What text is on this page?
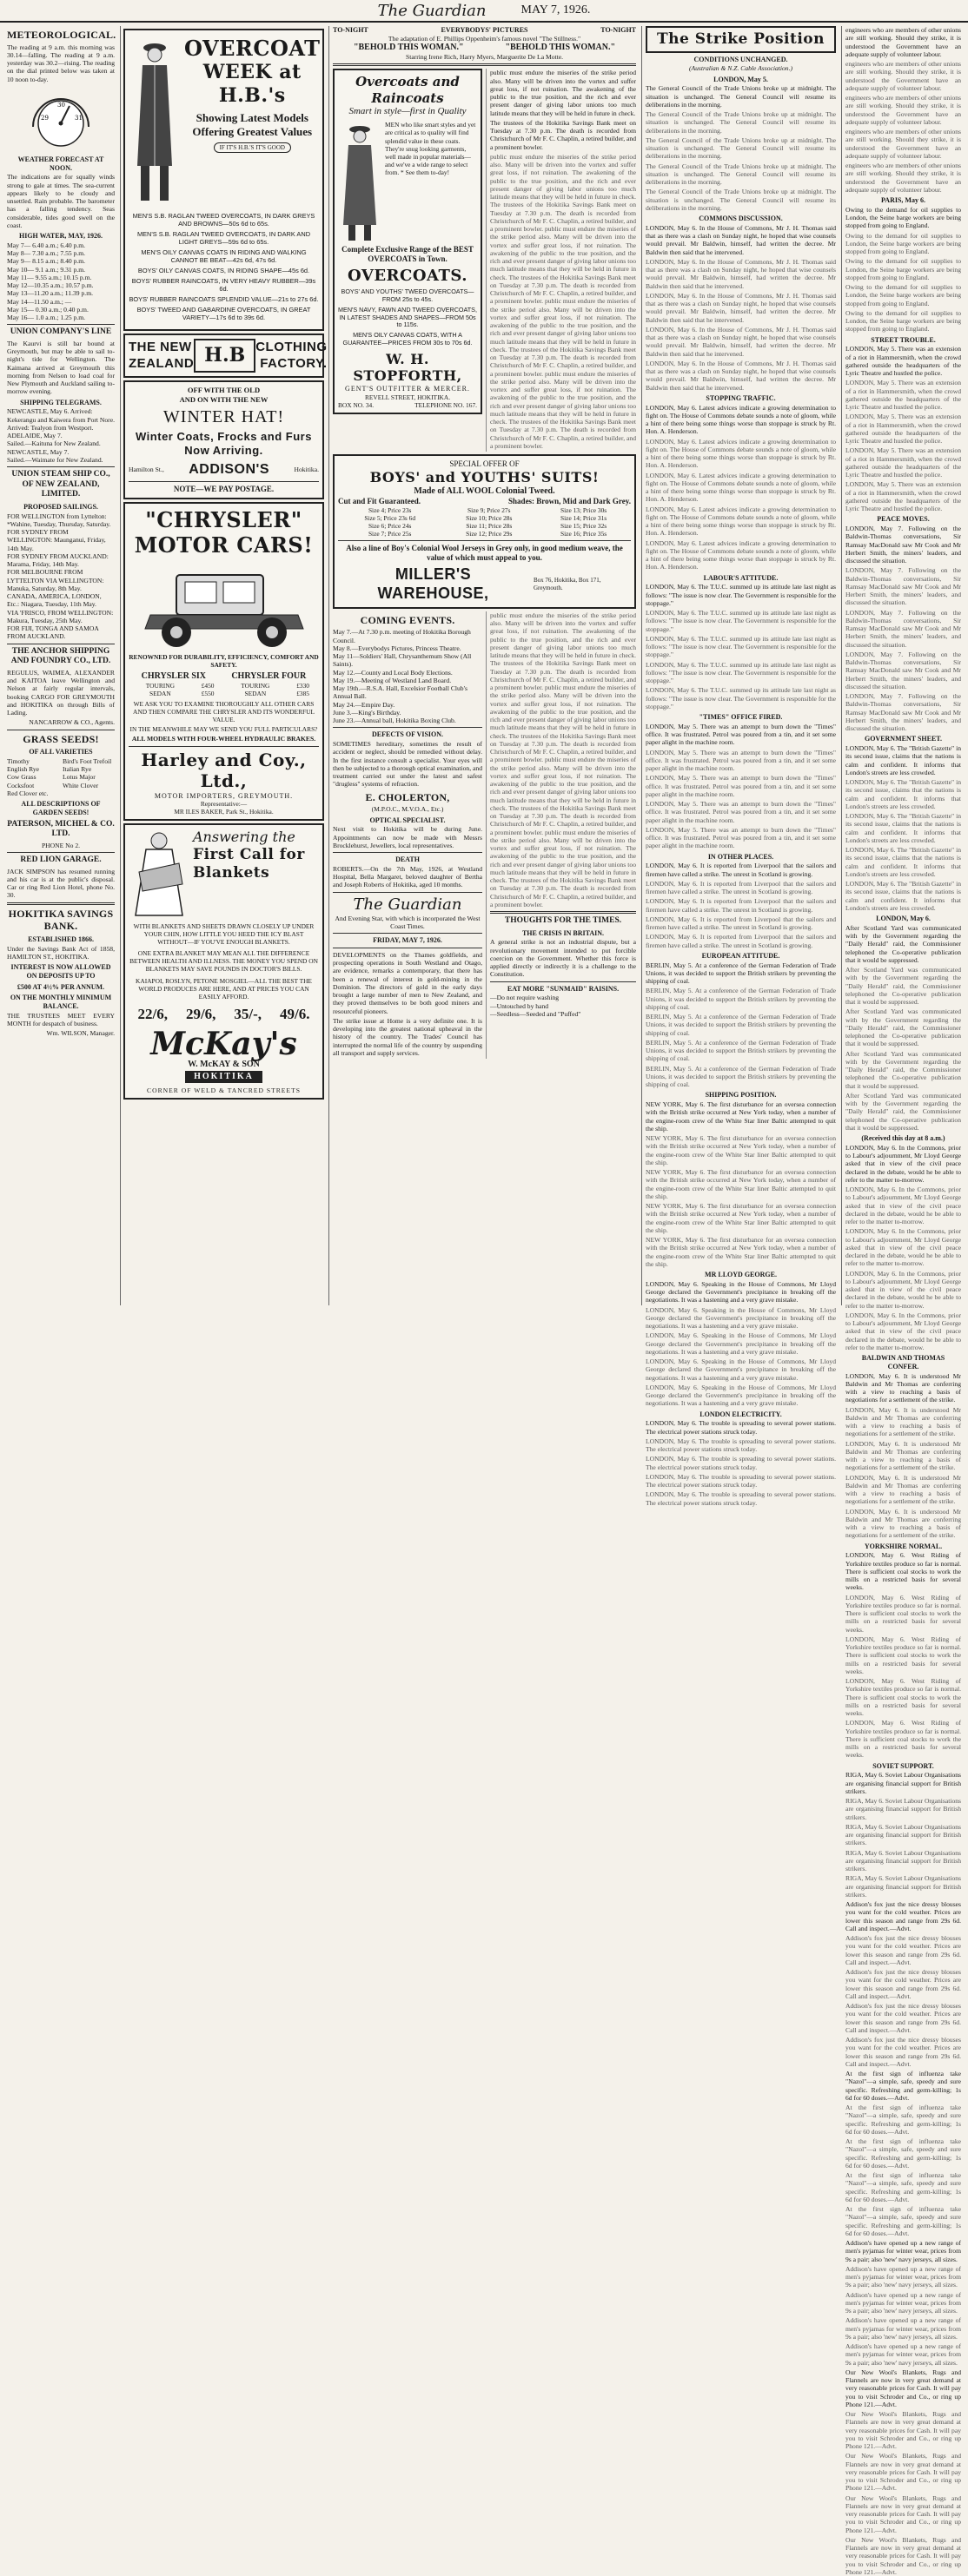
The Guardian	MAY 7, 1926.
METEOROLOGICAL.
The reading at 9 a.m. this morning was 30.14—falling. The reading at 9 a.m. yesterday was 30.2—rising. The reading on the dial printed below was taken at 10 noon to-day.
29
30
31
WEATHER FORECAST AT NOON.
The indications are for squally winds strong to gale at times. The sea-current appears likely to be cloudy and unsettled. Rain probable. The barometer has a falling tendency. Seas considerable, tides good swell on the coast.
HIGH WATER, MAY, 1926.
May 7— 6.40 a.m.; 6.40 p.m.
May 8— 7.30 a.m.; 7.55 p.m.
May 9— 8.15 a.m.; 8.40 p.m.
May 10— 9.1 a.m.; 9.31 p.m.
May 11— 9.55 a.m.; 10.15 p.m.
May 12—10.35 a.m.; 10.57 p.m.
May 13—11.20 a.m.; 11.39 p.m.
May 14—11.50 a.m.; —
May 15— 0.30 a.m.; 0.40 p.m.
May 16— 1.0 a.m.; 1.25 p.m.
UNION COMPANY'S LINE
The Kaurvi is still bar bound at Greymouth, but may be able to sail to-night's tide for Wellington. The Kaimana arrived at Greymouth this morning from Nelson to load coal for New Plymouth and Auckland sailing to-morrow evening.
SHIPPING TELEGRAMS.
NEWCASTLE, May 6. Arrived: Kekerangu and Kaiwera from Port Nore.
Arrived: Tealyon from Westport.
ADELAIDE, May 7.
Sailed.—Kaituna for New Zealand.
NEWCASTLE, May 7.
Sailed.—Waimate for New Zealand.
UNION STEAM SHIP CO., OF NEW ZEALAND, LIMITED.
PROPOSED SAILINGS.
FOR WELLINGTON from Lyttelton: *Wahine, Tuesday, Thursday, Saturday.
FOR SYDNEY FROM WELLINGTON: Maunganui, Friday, 14th May.
FOR SYDNEY FROM AUCKLAND: Marama, Friday, 14th May.
FOR MELBOURNE FROM LYTTELTON VIA WELLINGTON: Manuka, Saturday, 8th May.
CANADA, AMERICA, LONDON, Etc.: Niagara, Tuesday, 11th May.
VIA 'FRISCO, FROM WELLINGTON: Makura, Tuesday, 25th May.
FOR FIJI, TONGA AND SAMOA FROM AUCKLAND.
THE ANCHOR SHIPPING AND FOUNDRY CO., LTD.
REGULUS, WAIMEA, ALEXANDER and KAITOA leave Wellington and Nelson at fairly regular intervals, booking CARGO FOR GREYMOUTH and HOKITIKA on through Bills of Lading.
NANCARROW & CO., Agents.
GRASS SEEDS!
OF ALL VARIETIES
Timothy	Bird's Foot Trefoil
English Rye	Italian Rye
Cow Grass	Lotus Major
Cocksfoot	White Clover
Red Clover etc.
ALL DESCRIPTIONS OF GARDEN SEEDS!
PATERSON, MICHEL & CO. LTD.
PHONE No 2.
RED LION GARAGE.
JACK SIMPSON has resumed running and his car is at the public's disposal. Car or ring Red Lion Hotel, phone No. 30.
HOKITIKA SAVINGS BANK.
ESTABLISHED 1866.
Under the Savings Bank Act of 1858, HAMILTON ST., HOKITIKA.
INTEREST IS NOW ALLOWED ON DEPOSITS UP TO
£500 AT 4½% PER ANNUM.
ON THE MONTHLY MINIMUM BALANCE.
THE TRUSTEES MEET EVERY MONTH for despatch of business.
Wm. WILSON, Manager.
OVERCOAT
WEEK at H.B.'s
Showing Latest Models
Offering Greatest Values
IF IT'S H.B.'S IT'S GOOD
MEN'S S.B. RAGLAN TWEED OVERCOATS, IN DARK GREYS AND BROWNS—50s 6d to 65s.
MEN'S S.B. RAGLAN TWEED OVERCOATS, IN DARK AND LIGHT GREYS—59s 6d to 65s.
MEN'S OILY CANVAS COATS IN RIDING AND WALKING CANNOT BE BEAT—42s 6d, 47s 6d.
BOYS' OILY CANVAS COATS, IN RIDING SHAPE—45s 6d.
BOYS' RUBBER RAINCOATS, IN VERY HEAVY RUBBER—39s 6d.
BOYS' RUBBER RAINCOATS SPLENDID VALUE—21s to 27s 6d.
BOYS' TWEED AND GABARDINE OVERCOATS, IN GREAT VARIETY—17s 6d to 39s 6d.
THE NEW
ZEALAND H.B CLOTHING
FACTORY.
OFF WITH THE OLD
AND ON WITH THE NEW
WINTER HAT!
Winter Coats, Frocks and Furs Now Arriving.
Hamilton St., ADDISON'S	Hokitika.
NOTE—WE PAY POSTAGE.
"CHRYSLER"
MOTOR CARS!
RENOWNED FOR DURABILITY, EFFICIENCY, COMFORT AND SAFETY.
CHRYSLER SIX	CHRYSLER FOUR
TOURING	£450	TOURING	£330
SEDAN	£550	SEDAN	£385
WE ASK YOU TO EXAMINE THOROUGHLY ALL OTHER CARS AND THEN COMPARE THE CHRYSLER AND ITS WONDERFUL VALUE.
IN THE MEANWHILE MAY WE SEND YOU FULL PARTICULARS?
ALL MODELS WITH FOUR-WHEEL HYDRAULIC BRAKES.
Harley and Coy., Ltd.,
MOTOR IMPORTERS, GREYMOUTH.
Representative:—
MR ILES BAKER, Park St., Hokitika.
Answering the
First Call for Blankets
WITH BLANKETS AND SHEETS DRAWN CLOSELY UP UNDER YOUR CHIN, HOW LITTLE YOU HEED THE ICY BLAST WITHOUT—IF YOU'VE ENOUGH BLANKETS.
ONE EXTRA BLANKET MAY MEAN ALL THE DIFFERENCE BETWEEN HEALTH AND ILLNESS. THE MONEY YOU SPEND ON BLANKETS MAY SAVE POUNDS IN DOCTOR'S BILLS.
KAIAPOI, ROSLYN, PETONE MOSGIEL—ALL THE BEST THE WORLD PRODUCES ARE HERE, AND AT PRICES YOU CAN EASILY AFFORD.
22/6, 29/6, 35/-, 49/6.
McKay's
W. McKAY & SON
HOKITIKA
CORNER OF WELD & TANCRED STREETS
TO-NIGHT	EVERYBODYS' PICTURES	TO-NIGHT
The adaptation of E. Phillips Oppenheim's famous novel "The Stillness."
"BEHOLD THIS WOMAN."	"BEHOLD THIS WOMAN."
Starring Irene Rich, Harry Myers, Marguerite De La Motte.
Overcoats and Raincoats
Smart in style—first in Quality
MEN who like smart styles and yet are critical as to quality will find splendid value in these coats. They're snug looking garments, well made in popular materials—and we've a wide range to select from. * See them to-day!
Complete Exclusive Range of the BEST OVERCOATS in Town.
OVERCOATS.
BOYS' AND YOUTHS' TWEED OVERCOATS—FROM 25s to 45s.
MEN'S NAVY, FAWN AND TWEED OVERCOATS, IN LATEST SHADES AND SHAPES—FROM 50s to 115s.
MEN'S OILY CANVAS COATS, WITH A GUARANTEE—PRICES FROM 30s to 70s 6d.
W. H. STOPFORTH,
GENT'S OUTFITTER & MERCER.
REVELL STREET, HOKITIKA.
BOX NO. 34.	TELEPHONE NO. 167.
public must endure the miseries of the strike period also. Many will be driven into the vortex and suffer great loss, if not ruination. The awakening of the public to the true position, and the rich and ever present danger of giving labor unions too much latitude means that they will be held in future in check.
The trustees of the Hokitika Savings Bank meet on Tuesday at 7.30 p.m. The death is recorded from Christchurch of Mr F. C. Chaplin, a retired builder, and a prominent bowler.
public must endure the miseries of the strike period also. Many will be driven into the vortex and suffer great loss, if not ruination. The awakening of the public to the true position, and the rich and ever present danger of giving labor unions too much latitude means that they will be held in future in check. The trustees of the Hokitika Savings Bank meet on Tuesday at 7.30 p.m. The death is recorded from Christchurch of Mr F. C. Chaplin, a retired builder, and a prominent bowler. public must endure the miseries of the strike period also. Many will be driven into the vortex and suffer great loss, if not ruination. The awakening of the public to the true position, and the rich and ever present danger of giving labor unions too much latitude means that they will be held in future in check. The trustees of the Hokitika Savings Bank meet on Tuesday at 7.30 p.m. The death is recorded from Christchurch of Mr F. C. Chaplin, a retired builder, and a prominent bowler. public must endure the miseries of the strike period also. Many will be driven into the vortex and suffer great loss, if not ruination. The awakening of the public to the true position, and the rich and ever present danger of giving labor unions too much latitude means that they will be held in future in check. The trustees of the Hokitika Savings Bank meet on Tuesday at 7.30 p.m. The death is recorded from Christchurch of Mr F. C. Chaplin, a retired builder, and a prominent bowler. public must endure the miseries of the strike period also. Many will be driven into the vortex and suffer great loss, if not ruination. The awakening of the public to the true position, and the rich and ever present danger of giving labor unions too much latitude means that they will be held in future in check. The trustees of the Hokitika Savings Bank meet on Tuesday at 7.30 p.m. The death is recorded from Christchurch of Mr F. C. Chaplin, a retired builder, and a prominent bowler.
SPECIAL OFFER OF
BOYS' and YOUTHS' SUITS!
Made of ALL WOOL Colonial Tweed.
Cut and Fit Guaranteed.	Shades: Brown, Mid and Dark Grey.
Size 4; Price 23s	Size 9; Price 27s	Size 13; Price 30s
Size 5; Price 23s 6d	Size 10; Price 28s	Size 14; Price 31s
Size 6; Price 24s	Size 11; Price 28s	Size 15; Price 32s
Size 7; Price 25s	Size 12; Price 29s	Size 16; Price 35s
Also a line of Boy's Colonial Wool Jerseys in Grey only, in good medium weave, the value of which must appeal to you.
MILLER'S WAREHOUSE,
Box 76, Hokitika, Box 171, Greymouth.
COMING EVENTS.
May 7.—At 7.30 p.m. meeting of Hokitika Borough Council.
May 8.—Everybodys Pictures, Princess Theatre.
May 11—Soldiers' Hall, Chrysanthemum Show (All Saints).
May 12.—County and Local Body Elections.
May 19.—Meeting of Westland Land Board.
May 19th.—R.S.A. Hall, Excelsior Football Club's Annual Ball.
May 24.—Empire Day.
June 3.—King's Birthday.
June 23.—Annual ball, Hokitika Boxing Club.
DEFECTS OF VISION.
SOMETIMES hereditary, sometimes the result of accident or neglect, should be remedied without delay. In the first instance consult a specialist. Your eyes will then be subjected to a thorough optical examination, and treatment carried out under the latest and safest "drugless" systems of refraction.
E. CHOLERTON,
(M.P.O.C., M.V.O.A., Etc.)
OPTICAL SPECIALIST.
Next visit to Hokitika will be during June. Appointments can now be made with Messrs Brocklehurst, Jewellers, local representatives.
DEATH
ROBERTS.—On the 7th May, 1926, at Westland Hospital, Bella Margaret, beloved daughter of Bertha and Joseph Roberts of Hokitika, aged 10 months.
The Guardian
And Evening Star, with which is incorporated the West Coast Times.
FRIDAY, MAY 7, 1926.
DEVELOPMENTS on the Thames goldfields, and prospecting operations in South Westland and Otago, are evidence, remarks a contemporary, that there has been a renewal of interest in gold-mining in the Dominion. The directors of gold in the early days brought a large number of men to New Zealand, and they proved themselves to be both good miners and resourceful pioneers.
The strike issue at Home is a very definite one. It is developing into the greatest national upheaval in the history of the country. The Trades' Council has interrupted the normal life of the country by suspending all transport and supply services.
public must endure the miseries of the strike period also. Many will be driven into the vortex and suffer great loss, if not ruination. The awakening of the public to the true position, and the rich and ever present danger of giving labor unions too much latitude means that they will be held in future in check. The trustees of the Hokitika Savings Bank meet on Tuesday at 7.30 p.m. The death is recorded from Christchurch of Mr F. C. Chaplin, a retired builder, and a prominent bowler. public must endure the miseries of the strike period also. Many will be driven into the vortex and suffer great loss, if not ruination. The awakening of the public to the true position, and the rich and ever present danger of giving labor unions too much latitude means that they will be held in future in check. The trustees of the Hokitika Savings Bank meet on Tuesday at 7.30 p.m. The death is recorded from Christchurch of Mr F. C. Chaplin, a retired builder, and a prominent bowler. public must endure the miseries of the strike period also. Many will be driven into the vortex and suffer great loss, if not ruination. The awakening of the public to the true position, and the rich and ever present danger of giving labor unions too much latitude means that they will be held in future in check. The trustees of the Hokitika Savings Bank meet on Tuesday at 7.30 p.m. The death is recorded from Christchurch of Mr F. C. Chaplin, a retired builder, and a prominent bowler. public must endure the miseries of the strike period also. Many will be driven into the vortex and suffer great loss, if not ruination. The awakening of the public to the true position, and the rich and ever present danger of giving labor unions too much latitude means that they will be held in future in check. The trustees of the Hokitika Savings Bank meet on Tuesday at 7.30 p.m. The death is recorded from Christchurch of Mr F. C. Chaplin, a retired builder, and a prominent bowler.
THOUGHTS FOR THE TIMES.
THE CRISIS IN BRITAIN.
A general strike is not an industrial dispute, but a revolutionary movement intended to put forcible coercion on the Government. Whether this force is applied directly or indirectly it is a challenge to the Constitution.
EAT MORE "SUNMAID" RAISINS.
—Do not require washing
—Untouched by hand
—Seedless—Seeded and "Puffed"
The Strike Position
CONDITIONS UNCHANGED.
(Australian & N.Z. Cable Association.)
LONDON, May 5.
The General Council of the Trade Unions broke up at midnight. The situation is unchanged. The General Council will resume its deliberations in the morning.
The General Council of the Trade Unions broke up at midnight. The situation is unchanged. The General Council will resume its deliberations in the morning.
The General Council of the Trade Unions broke up at midnight. The situation is unchanged. The General Council will resume its deliberations in the morning.
The General Council of the Trade Unions broke up at midnight. The situation is unchanged. The General Council will resume its deliberations in the morning.
The General Council of the Trade Unions broke up at midnight. The situation is unchanged. The General Council will resume its deliberations in the morning.
COMMONS DISCUSSION.
LONDON, May 6. In the House of Commons, Mr J. H. Thomas said that as there was a clash on Sunday night, he hoped that wise counsels would prevail. Mr Baldwin, himself, had written the decree. Mr Baldwin then said that he intervened.
LONDON, May 6. In the House of Commons, Mr J. H. Thomas said that as there was a clash on Sunday night, he hoped that wise counsels would prevail. Mr Baldwin, himself, had written the decree. Mr Baldwin then said that he intervened.
LONDON, May 6. In the House of Commons, Mr J. H. Thomas said that as there was a clash on Sunday night, he hoped that wise counsels would prevail. Mr Baldwin, himself, had written the decree. Mr Baldwin then said that he intervened.
LONDON, May 6. In the House of Commons, Mr J. H. Thomas said that as there was a clash on Sunday night, he hoped that wise counsels would prevail. Mr Baldwin, himself, had written the decree. Mr Baldwin then said that he intervened.
LONDON, May 6. In the House of Commons, Mr J. H. Thomas said that as there was a clash on Sunday night, he hoped that wise counsels would prevail. Mr Baldwin, himself, had written the decree. Mr Baldwin then said that he intervened.
STOPPING TRAFFIC.
LONDON, May 6. Latest advices indicate a growing determination to fight on. The House of Commons debate sounds a note of gloom, while a hint of there being some things worse than stoppage is struck by Rt. Hon. A. Henderson.
LONDON, May 6. Latest advices indicate a growing determination to fight on. The House of Commons debate sounds a note of gloom, while a hint of there being some things worse than stoppage is struck by Rt. Hon. A. Henderson.
LONDON, May 6. Latest advices indicate a growing determination to fight on. The House of Commons debate sounds a note of gloom, while a hint of there being some things worse than stoppage is struck by Rt. Hon. A. Henderson.
LONDON, May 6. Latest advices indicate a growing determination to fight on. The House of Commons debate sounds a note of gloom, while a hint of there being some things worse than stoppage is struck by Rt. Hon. A. Henderson.
LONDON, May 6. Latest advices indicate a growing determination to fight on. The House of Commons debate sounds a note of gloom, while a hint of there being some things worse than stoppage is struck by Rt. Hon. A. Henderson.
LABOUR'S ATTITUDE.
LONDON, May 6. The T.U.C. summed up its attitude late last night as follows: "The issue is now clear. The Government is responsible for the stoppage."
LONDON, May 6. The T.U.C. summed up its attitude late last night as follows: "The issue is now clear. The Government is responsible for the stoppage."
LONDON, May 6. The T.U.C. summed up its attitude late last night as follows: "The issue is now clear. The Government is responsible for the stoppage."
LONDON, May 6. The T.U.C. summed up its attitude late last night as follows: "The issue is now clear. The Government is responsible for the stoppage."
LONDON, May 6. The T.U.C. summed up its attitude late last night as follows: "The issue is now clear. The Government is responsible for the stoppage."
"TIMES" OFFICE FIRED.
LONDON, May 5. There was an attempt to burn down the "Times" office. It was frustrated. Petrol was poured from a tin, and it set some paper alight in the machine room.
LONDON, May 5. There was an attempt to burn down the "Times" office. It was frustrated. Petrol was poured from a tin, and it set some paper alight in the machine room.
LONDON, May 5. There was an attempt to burn down the "Times" office. It was frustrated. Petrol was poured from a tin, and it set some paper alight in the machine room.
LONDON, May 5. There was an attempt to burn down the "Times" office. It was frustrated. Petrol was poured from a tin, and it set some paper alight in the machine room.
LONDON, May 5. There was an attempt to burn down the "Times" office. It was frustrated. Petrol was poured from a tin, and it set some paper alight in the machine room.
IN OTHER PLACES.
LONDON, May 6. It is reported from Liverpool that the sailors and firemen have called a strike. The unrest in Scotland is growing.
LONDON, May 6. It is reported from Liverpool that the sailors and firemen have called a strike. The unrest in Scotland is growing.
LONDON, May 6. It is reported from Liverpool that the sailors and firemen have called a strike. The unrest in Scotland is growing.
LONDON, May 6. It is reported from Liverpool that the sailors and firemen have called a strike. The unrest in Scotland is growing.
LONDON, May 6. It is reported from Liverpool that the sailors and firemen have called a strike. The unrest in Scotland is growing.
EUROPEAN ATTITUDE.
BERLIN, May 5. At a conference of the German Federation of Trade Unions, it was decided to support the British strikers by preventing the shipping of coal.
BERLIN, May 5. At a conference of the German Federation of Trade Unions, it was decided to support the British strikers by preventing the shipping of coal.
BERLIN, May 5. At a conference of the German Federation of Trade Unions, it was decided to support the British strikers by preventing the shipping of coal.
BERLIN, May 5. At a conference of the German Federation of Trade Unions, it was decided to support the British strikers by preventing the shipping of coal.
BERLIN, May 5. At a conference of the German Federation of Trade Unions, it was decided to support the British strikers by preventing the shipping of coal.
SHIPPING POSITION.
NEW YORK, May 6. The first disturbance for an oversea connection with the British strike occurred at New York today, when a number of the engine-room crew of the White Star liner Baltic attempted to quit the ship.
NEW YORK, May 6. The first disturbance for an oversea connection with the British strike occurred at New York today, when a number of the engine-room crew of the White Star liner Baltic attempted to quit the ship.
NEW YORK, May 6. The first disturbance for an oversea connection with the British strike occurred at New York today, when a number of the engine-room crew of the White Star liner Baltic attempted to quit the ship.
NEW YORK, May 6. The first disturbance for an oversea connection with the British strike occurred at New York today, when a number of the engine-room crew of the White Star liner Baltic attempted to quit the ship.
NEW YORK, May 6. The first disturbance for an oversea connection with the British strike occurred at New York today, when a number of the engine-room crew of the White Star liner Baltic attempted to quit the ship.
MR LLOYD GEORGE.
LONDON, May 6. Speaking in the House of Commons, Mr Lloyd George declared the Government's precipitance in breaking off the negotiations. It was a hastening and a very grave mistake.
LONDON, May 6. Speaking in the House of Commons, Mr Lloyd George declared the Government's precipitance in breaking off the negotiations. It was a hastening and a very grave mistake.
LONDON, May 6. Speaking in the House of Commons, Mr Lloyd George declared the Government's precipitance in breaking off the negotiations. It was a hastening and a very grave mistake.
LONDON, May 6. Speaking in the House of Commons, Mr Lloyd George declared the Government's precipitance in breaking off the negotiations. It was a hastening and a very grave mistake.
LONDON, May 6. Speaking in the House of Commons, Mr Lloyd George declared the Government's precipitance in breaking off the negotiations. It was a hastening and a very grave mistake.
LONDON ELECTRICITY.
LONDON, May 6. The trouble is spreading to several power stations. The electrical power stations struck today.
LONDON, May 6. The trouble is spreading to several power stations. The electrical power stations struck today.
LONDON, May 6. The trouble is spreading to several power stations. The electrical power stations struck today.
LONDON, May 6. The trouble is spreading to several power stations. The electrical power stations struck today.
LONDON, May 6. The trouble is spreading to several power stations. The electrical power stations struck today.
engineers who are members of other unions are still working. Should they strike, it is understood the Government have an adequate supply of volunteer labour.
engineers who are members of other unions are still working. Should they strike, it is understood the Government have an adequate supply of volunteer labour.
engineers who are members of other unions are still working. Should they strike, it is understood the Government have an adequate supply of volunteer labour.
engineers who are members of other unions are still working. Should they strike, it is understood the Government have an adequate supply of volunteer labour.
engineers who are members of other unions are still working. Should they strike, it is understood the Government have an adequate supply of volunteer labour.
PARIS, May 6.
Owing to the demand for oil supplies to London, the Seine barge workers are being stopped from going to England.
Owing to the demand for oil supplies to London, the Seine barge workers are being stopped from going to England.
Owing to the demand for oil supplies to London, the Seine barge workers are being stopped from going to England.
Owing to the demand for oil supplies to London, the Seine barge workers are being stopped from going to England.
Owing to the demand for oil supplies to London, the Seine barge workers are being stopped from going to England.
STREET TROUBLE.
LONDON, May 5. There was an extension of a riot in Hammersmith, when the crowd gathered outside the headquarters of the Lyric Theatre and hustled the police.
LONDON, May 5. There was an extension of a riot in Hammersmith, when the crowd gathered outside the headquarters of the Lyric Theatre and hustled the police.
LONDON, May 5. There was an extension of a riot in Hammersmith, when the crowd gathered outside the headquarters of the Lyric Theatre and hustled the police.
LONDON, May 5. There was an extension of a riot in Hammersmith, when the crowd gathered outside the headquarters of the Lyric Theatre and hustled the police.
LONDON, May 5. There was an extension of a riot in Hammersmith, when the crowd gathered outside the headquarters of the Lyric Theatre and hustled the police.
PEACE MOVES.
LONDON, May 7. Following on the Baldwin-Thomas conversations, Sir Ramsay MacDonald saw Mr Cook and Mr Herbert Smith, the miners' leaders, and discussed the situation.
LONDON, May 7. Following on the Baldwin-Thomas conversations, Sir Ramsay MacDonald saw Mr Cook and Mr Herbert Smith, the miners' leaders, and discussed the situation.
LONDON, May 7. Following on the Baldwin-Thomas conversations, Sir Ramsay MacDonald saw Mr Cook and Mr Herbert Smith, the miners' leaders, and discussed the situation.
LONDON, May 7. Following on the Baldwin-Thomas conversations, Sir Ramsay MacDonald saw Mr Cook and Mr Herbert Smith, the miners' leaders, and discussed the situation.
LONDON, May 7. Following on the Baldwin-Thomas conversations, Sir Ramsay MacDonald saw Mr Cook and Mr Herbert Smith, the miners' leaders, and discussed the situation.
GOVERNMENT SHEET.
LONDON, May 6. The "British Gazette" in its second issue, claims that the nations is calm and confident. It informs that London's streets are less crowded.
LONDON, May 6. The "British Gazette" in its second issue, claims that the nations is calm and confident. It informs that London's streets are less crowded.
LONDON, May 6. The "British Gazette" in its second issue, claims that the nations is calm and confident. It informs that London's streets are less crowded.
LONDON, May 6. The "British Gazette" in its second issue, claims that the nations is calm and confident. It informs that London's streets are less crowded.
LONDON, May 6. The "British Gazette" in its second issue, claims that the nations is calm and confident. It informs that London's streets are less crowded.
LONDON, May 6.
After Scotland Yard was communicated with by the Government regarding the "Daily Herald" raid, the Commissioner telephoned the Co-operative publication that it would be suppressed.
After Scotland Yard was communicated with by the Government regarding the "Daily Herald" raid, the Commissioner telephoned the Co-operative publication that it would be suppressed.
After Scotland Yard was communicated with by the Government regarding the "Daily Herald" raid, the Commissioner telephoned the Co-operative publication that it would be suppressed.
After Scotland Yard was communicated with by the Government regarding the "Daily Herald" raid, the Commissioner telephoned the Co-operative publication that it would be suppressed.
After Scotland Yard was communicated with by the Government regarding the "Daily Herald" raid, the Commissioner telephoned the Co-operative publication that it would be suppressed.
(Received this day at 8 a.m.)
LONDON, May 6. In the Commons, prior to Labour's adjournment, Mr Lloyd George asked that in view of the civil peace declared in the debate, would he be able to refer to the matter to-morrow.
LONDON, May 6. In the Commons, prior to Labour's adjournment, Mr Lloyd George asked that in view of the civil peace declared in the debate, would he be able to refer to the matter to-morrow.
LONDON, May 6. In the Commons, prior to Labour's adjournment, Mr Lloyd George asked that in view of the civil peace declared in the debate, would he be able to refer to the matter to-morrow.
LONDON, May 6. In the Commons, prior to Labour's adjournment, Mr Lloyd George asked that in view of the civil peace declared in the debate, would he be able to refer to the matter to-morrow.
LONDON, May 6. In the Commons, prior to Labour's adjournment, Mr Lloyd George asked that in view of the civil peace declared in the debate, would he be able to refer to the matter to-morrow.
BALDWIN AND THOMAS CONFER.
LONDON, May 6. It is understood Mr Baldwin and Mr Thomas are conferring with a view to reaching a basis of negotiations for a settlement of the strike.
LONDON, May 6. It is understood Mr Baldwin and Mr Thomas are conferring with a view to reaching a basis of negotiations for a settlement of the strike.
LONDON, May 6. It is understood Mr Baldwin and Mr Thomas are conferring with a view to reaching a basis of negotiations for a settlement of the strike.
LONDON, May 6. It is understood Mr Baldwin and Mr Thomas are conferring with a view to reaching a basis of negotiations for a settlement of the strike.
LONDON, May 6. It is understood Mr Baldwin and Mr Thomas are conferring with a view to reaching a basis of negotiations for a settlement of the strike.
YORKSHIRE NORMAL.
LONDON, May 6. West Riding of Yorkshire textiles produce so far is normal. There is sufficient coal stocks to work the mills on a restricted basis for several weeks.
LONDON, May 6. West Riding of Yorkshire textiles produce so far is normal. There is sufficient coal stocks to work the mills on a restricted basis for several weeks.
LONDON, May 6. West Riding of Yorkshire textiles produce so far is normal. There is sufficient coal stocks to work the mills on a restricted basis for several weeks.
LONDON, May 6. West Riding of Yorkshire textiles produce so far is normal. There is sufficient coal stocks to work the mills on a restricted basis for several weeks.
LONDON, May 6. West Riding of Yorkshire textiles produce so far is normal. There is sufficient coal stocks to work the mills on a restricted basis for several weeks.
SOVIET SUPPORT.
RIGA, May 6. Soviet Labour Organisations are organising financial support for British strikers.
RIGA, May 6. Soviet Labour Organisations are organising financial support for British strikers.
RIGA, May 6. Soviet Labour Organisations are organising financial support for British strikers.
RIGA, May 6. Soviet Labour Organisations are organising financial support for British strikers.
RIGA, May 6. Soviet Labour Organisations are organising financial support for British strikers.
Addison's fox just the nice dressy blouses you want for the cold weather. Prices are lower this season and range from 29s 6d. Call and inspect.—Advt.
Addison's fox just the nice dressy blouses you want for the cold weather. Prices are lower this season and range from 29s 6d. Call and inspect.—Advt.
Addison's fox just the nice dressy blouses you want for the cold weather. Prices are lower this season and range from 29s 6d. Call and inspect.—Advt.
Addison's fox just the nice dressy blouses you want for the cold weather. Prices are lower this season and range from 29s 6d. Call and inspect.—Advt.
Addison's fox just the nice dressy blouses you want for the cold weather. Prices are lower this season and range from 29s 6d. Call and inspect.—Advt.
At the first sign of influenza take "Nazol"—a simple, safe, speedy and sure specific. Refreshing and germ-killing; 1s 6d for 60 doses.—Advt.
At the first sign of influenza take "Nazol"—a simple, safe, speedy and sure specific. Refreshing and germ-killing; 1s 6d for 60 doses.—Advt.
At the first sign of influenza take "Nazol"—a simple, safe, speedy and sure specific. Refreshing and germ-killing; 1s 6d for 60 doses.—Advt.
At the first sign of influenza take "Nazol"—a simple, safe, speedy and sure specific. Refreshing and germ-killing; 1s 6d for 60 doses.—Advt.
At the first sign of influenza take "Nazol"—a simple, safe, speedy and sure specific. Refreshing and germ-killing; 1s 6d for 60 doses.—Advt.
Addison's have opened up a new range of men's pyjamas for winter wear, prices from 9s a pair; also 'new' navy jerseys, all sizes.
Addison's have opened up a new range of men's pyjamas for winter wear, prices from 9s a pair; also 'new' navy jerseys, all sizes.
Addison's have opened up a new range of men's pyjamas for winter wear, prices from 9s a pair; also 'new' navy jerseys, all sizes.
Addison's have opened up a new range of men's pyjamas for winter wear, prices from 9s a pair; also 'new' navy jerseys, all sizes.
Addison's have opened up a new range of men's pyjamas for winter wear, prices from 9s a pair; also 'new' navy jerseys, all sizes.
Our New Wool's Blankets, Rugs and Flannels are now in very great demand at very reasonable prices for Cash. It will pay you to visit Schroder and Co., or ring up Phone 121.—Advt.
Our New Wool's Blankets, Rugs and Flannels are now in very great demand at very reasonable prices for Cash. It will pay you to visit Schroder and Co., or ring up Phone 121.—Advt.
Our New Wool's Blankets, Rugs and Flannels are now in very great demand at very reasonable prices for Cash. It will pay you to visit Schroder and Co., or ring up Phone 121.—Advt.
Our New Wool's Blankets, Rugs and Flannels are now in very great demand at very reasonable prices for Cash. It will pay you to visit Schroder and Co., or ring up Phone 121.—Advt.
Our New Wool's Blankets, Rugs and Flannels are now in very great demand at very reasonable prices for Cash. It will pay you to visit Schroder and Co., or ring up Phone 121.—Advt.
